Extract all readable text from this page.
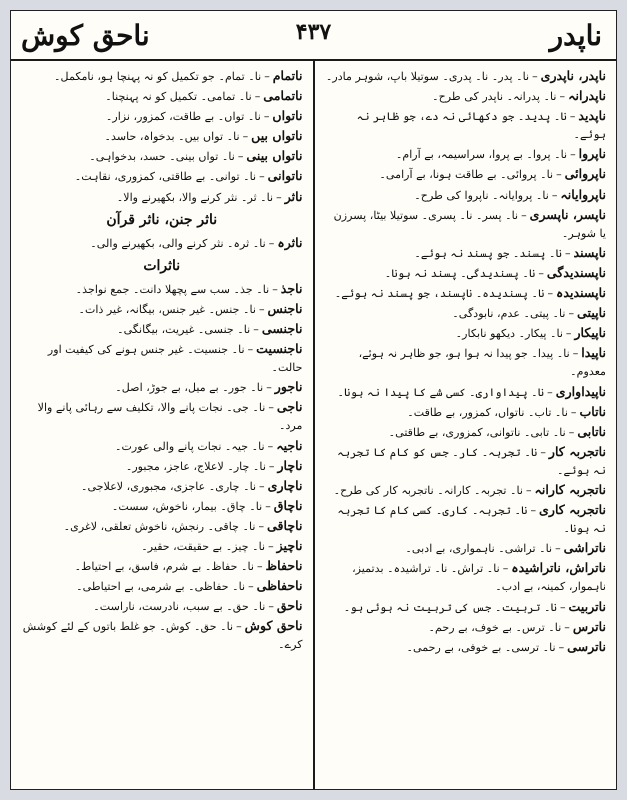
ناحق کوش	۴۳۷	ناپدر
ناتمام–نا۔ تمام۔ جو تکمیل کو نہ پہنچا ہو، نامکمل۔
ناتمامی–نا۔ تمامی۔ تکمیل کو نہ پہنچنا۔
ناتواں–نا۔ تواں۔ بے طاقت، کمزور، نزار۔
ناتواں بیں–نا۔ تواں بیں۔ بدخواہ، حاسد۔
ناتواں بینی–نا۔ تواں بینی۔ حسد، بدخواہی۔
ناتوانی–نا۔ توانی۔ بے طاقتی، کمزوری، نقاہت۔
ناثر–نا۔ ثر۔ نثر کرنے والا، بکھیرنے والا۔
ناثر جنن، ناثر قرآن
ناثرہ–نا۔ ثرہ۔ نثر کرنے والی، بکھیرنے والی۔
ناثرات
ناجذ–نا۔ جذ۔ سب سے پچھلا دانت۔ جمع نواجذ۔
ناجنس–نا۔ جنس۔ غیر جنس، بیگانہ، غیر ذات۔
ناجنسی–نا۔ جنسی۔ غیریت، بیگانگی۔
ناجنسیت–نا۔ جنسیت۔ غیر جنس ہونے کی کیفیت اور حالت۔
ناجور–نا۔ جور۔ بے میل، بے جوڑ، اصل۔
ناجی–نا۔ جی۔ نجات پانے والا، تکلیف سے رہائی پانے والا مرد۔
ناجیہ–نا۔ جیہ۔ نجات پانے والی عورت۔
ناچار–نا۔ چار۔ لاعلاج، عاجز، مجبور۔
ناچاری–نا۔ چاری۔ عاجزی، مجبوری، لاعلاجی۔
ناچاق–نا۔ چاق۔ بیمار، ناخوش، سست۔
ناچاقی–نا۔ چاقی۔ رنجش، ناخوش تعلقی، لاغری۔
ناچیز–نا۔ چیز۔ بے حقیقت، حقیر۔
ناحفاظ–نا۔ حفاظ۔ بے شرم، فاسق، بے احتیاط۔
ناحفاظی–نا۔ حفاظی۔ بے شرمی، بے احتیاطی۔
ناحق–نا۔ حق۔ بے سبب، نادرست، ناراست۔
ناحق کوش–نا۔ حق۔ کوش۔ جو غلط باتوں کے لئے کوشش کرے۔
ناپدر، ناپدری–نا۔ پدر۔ نا۔ پدری۔ سوتیلا باپ، شوہر مادر۔
ناپدرانہ–نا۔ پدرانہ۔ ناپدر کی طرح۔
ناپدید–نا۔ پدید۔ جو دکھائی نہ دے، جو ظاہر نہ ہوئے۔
ناپروا–نا۔ پروا۔ بے پروا، سراسیمہ، بے آرام۔
ناپروائی–نا۔ پروائی۔ بے طاقت ہونا، بے آرامی۔
ناپروایانہ–نا۔ پروایانہ۔ ناپروا کی طرح۔
ناپسر، ناپسری–نا۔ پسر۔ نا۔ پسری۔ سوتیلا بیٹا، پسرزن یا شوہر۔
ناپسند–نا۔ پسند۔ جو پسند نہ ہوئے۔
ناپسندیدگی–نا۔ پسندیدگی۔ پسند نہ ہونا۔
ناپسندیدہ–نا۔ پسندیدہ۔ ناپسند، جو پسند نہ ہوئے۔
ناپیتی–نا۔ پیتی۔ عدم، نابودگی۔
ناپیکار–نا۔ پیکار۔ دیکھو نابکار۔
ناپیدا–نا۔ پیدا۔ جو پیدا نہ ہوا ہو، جو ظاہر نہ ہوئے، معدوم۔
ناپیداواری–نا۔ پیداواری۔ کسی شے کا پیدا نہ ہونا۔
ناتاب–نا۔ تاب۔ ناتواں، کمزور، بے طاقت۔
ناتابی–نا۔ تابی۔ ناتوانی، کمزوری، بے طاقتی۔
ناتجربہ کار–نا۔ تجربہ۔ کار۔ جس کو کام کا تجربہ نہ ہوئے۔
ناتجربہ کارانہ–نا۔ تجربہ۔ کارانہ۔ ناتجربہ کار کی طرح۔
ناتجربہ کاری–نا۔ تجربہ۔ کاری۔ کسی کام کا تجربہ نہ ہونا۔
ناتراشی–نا۔ تراشی۔ ناہمواری، بے ادبی۔
ناتراش، ناتراشیدہ–نا۔ تراش۔ نا۔ تراشیدہ۔ بدتمیز، ناہموار، کمینہ، بے ادب۔
ناتربیت–نا۔ تربیت۔ جس کی تربیت نہ ہوئی ہو۔
ناترس–نا۔ ترس۔ بے خوف، بے رحم۔
ناترسی–نا۔ ترسی۔ بے خوفی، بے رحمی۔
